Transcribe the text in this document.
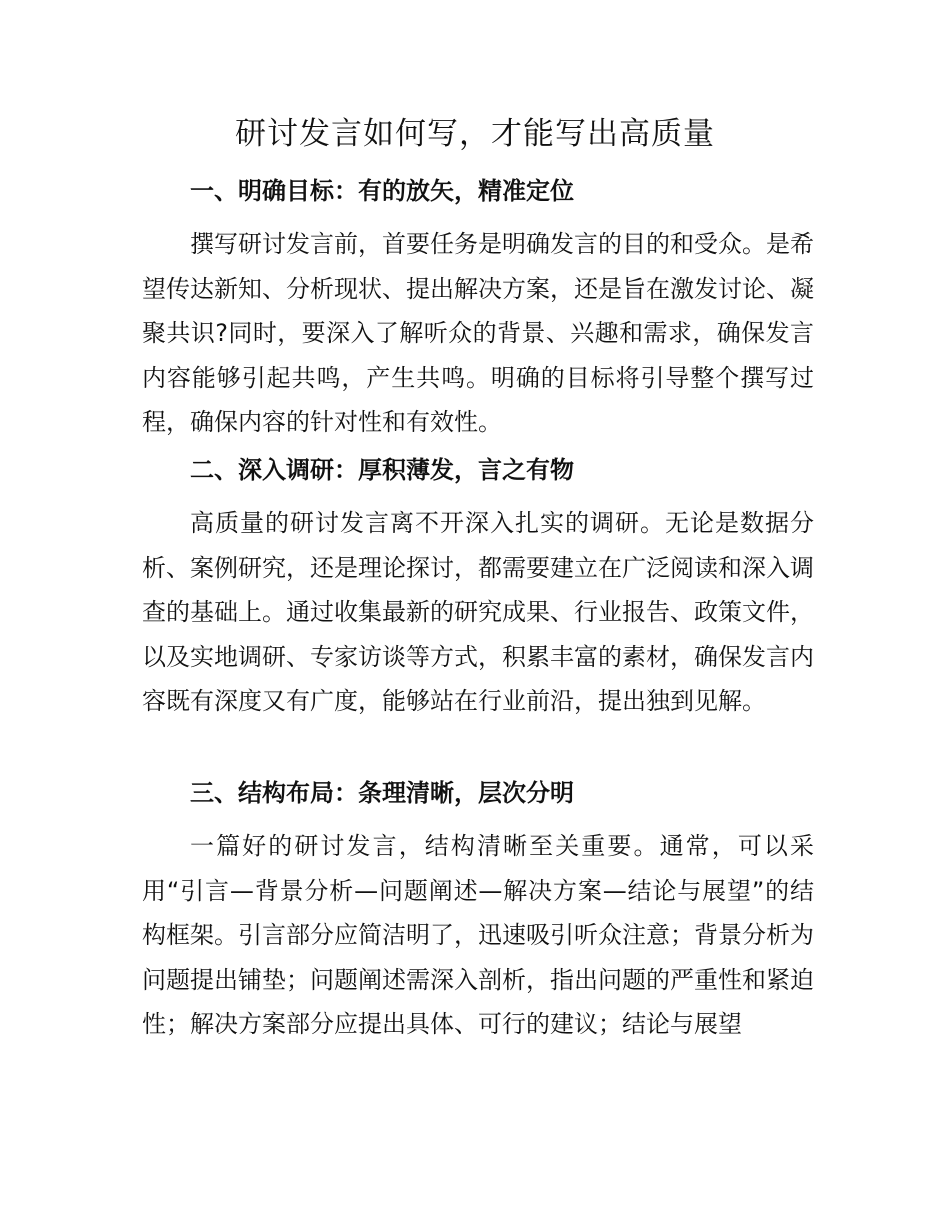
研讨发言如何写，才能写出高质量
一、明确目标：有的放矢，精准定位

撰写研讨发言前，首要任务是明确发言的目的和受众。是希望传达新知、分析现状、提出解决方案，还是旨在激发讨论、凝聚共识?同时，要深入了解听众的背景、兴趣和需求，确保发言内容能够引起共鸣，产生共鸣。明确的目标将引导整个撰写过程，确保内容的针对性和有效性。

二、深入调研：厚积薄发，言之有物

高质量的研讨发言离不开深入扎实的调研。无论是数据分析、案例研究，还是理论探讨，都需要建立在广泛阅读和深入调查的基础上。通过收集最新的研究成果、行业报告、政策文件，以及实地调研、专家访谈等方式，积累丰富的素材，确保发言内容既有深度又有广度，能够站在行业前沿，提出独到见解。

三、结构布局：条理清晰，层次分明

一篇好的研讨发言，结构清晰至关重要。通常，可以采用“引言—背景分析—问题阐述—解决方案—结论与展望”的结构框架。引言部分应简洁明了，迅速吸引听众注意；背景分析为问题提出铺垫；问题阐述需深入剖析，指出问题的严重性和紧迫性；解决方案部分应提出具体、可行的建议；结论与展望
